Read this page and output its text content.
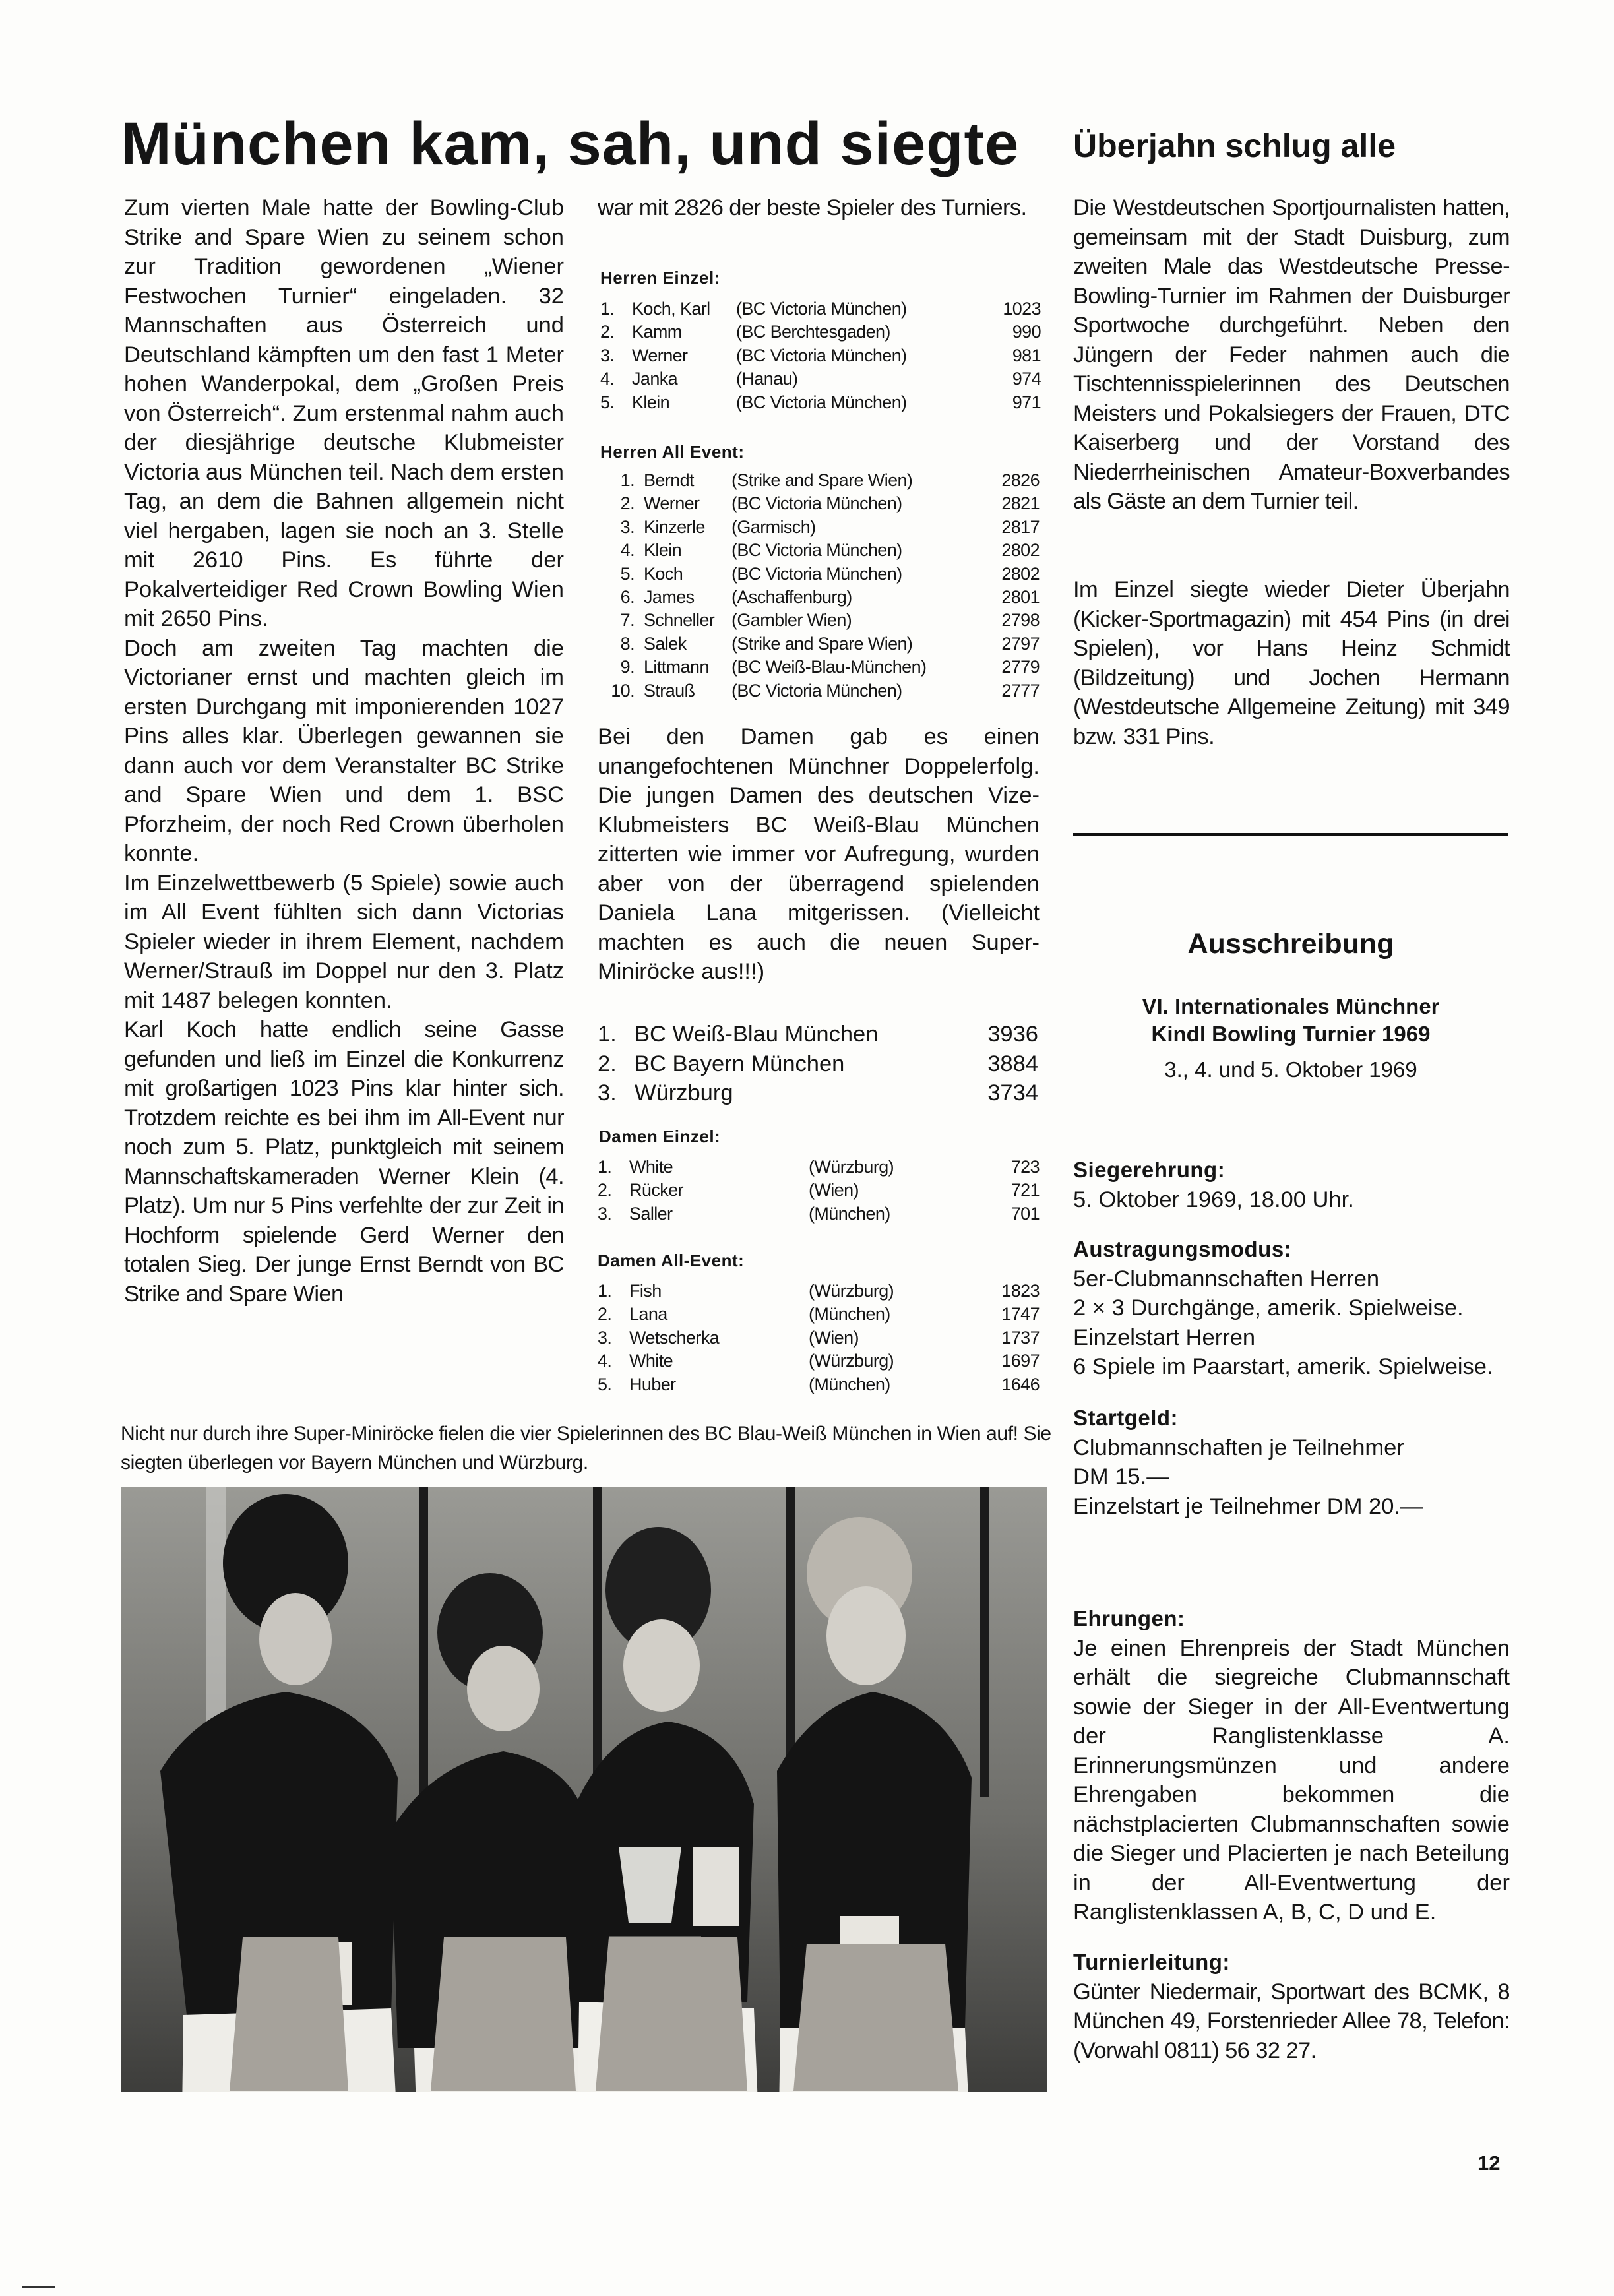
München kam, sah, und siegte Überjahn schlug alle

Zum vierten Male hatte der Bowling-Club Strike and Spare Wien zu seinem schon zur Tradition gewordenen „Wiener Festwochen Turnier“ eingeladen. 32 Mannschaften aus Österreich und Deutschland kämpften um den fast 1 Meter hohen Wanderpokal, dem „Großen Preis von Österreich“. Zum erstenmal nahm auch der diesjährige deutsche Klubmeister Victoria aus München teil. Nach dem ersten Tag, an dem die Bahnen allgemein nicht viel hergaben, lagen sie noch an 3. Stelle mit 2610 Pins. Es führte der Pokalverteidiger Red Crown Bowling Wien mit 2650 Pins.

Doch am zweiten Tag machten die Victorianer ernst und machten gleich im ersten Durchgang mit imponierenden 1027 Pins alles klar. Überlegen gewannen sie dann auch vor dem Veranstalter BC Strike and Spare Wien und dem 1. BSC Pforzheim, der noch Red Crown überholen konnte.

Im Einzelwettbewerb (5 Spiele) sowie auch im All Event fühlten sich dann Victorias Spieler wieder in ihrem Element, nachdem Werner/Strauß im Doppel nur den 3. Platz mit 1487 belegen konnten.

Karl Koch hatte endlich seine Gasse gefunden und ließ im Einzel die Konkurrenz mit großartigen 1023 Pins klar hinter sich. Trotzdem reichte es bei ihm im All-Event nur noch zum 5. Platz, punktgleich mit seinem Mannschaftskameraden Werner Klein (4. Platz). Um nur 5 Pins verfehlte der zur Zeit in Hochform spielende Gerd Werner den totalen Sieg. Der junge Ernst Berndt von BC Strike and Spare Wien

war mit 2826 der beste Spieler des Turniers.

Herren Einzel:
1. Koch, Karl	(BC Victoria München)	1023
2. Kamm	(BC Berchtesgaden)	990
3. Werner	(BC Victoria München)	981
4. Janka	(Hanau)	974
5. Klein	(BC Victoria München)	971
Herren All Event:
1. Berndt	(Strike and Spare Wien)	2826
2. Werner	(BC Victoria München)	2821
3. Kinzerle	(Garmisch)	2817
4. Klein	(BC Victoria München)	2802
5. Koch	(BC Victoria München)	2802
6. James	(Aschaffenburg)	2801
7. Schneller (Gambler Wien)	2798
8. Salek	(Strike and Spare Wien)	2797
9. Littmann	(BC Weiß-Blau-München)	2779
10. Strauß	(BC Victoria München)	2777

Bei den Damen gab es einen unangefochtenen Münchner Doppelerfolg. Die jungen Damen des deutschen Vize-Klubmeisters BC Weiß-Blau München zitterten wie immer vor Aufregung, wurden aber von der überragend spielenden Daniela Lana mitgerissen. (Vielleicht machten es auch die neuen Super-Miniröcke aus!!!)

1. BC Weiß-Blau München	3936
2. BC Bayern München	3884
3. Würzburg	3734
Damen Einzel:
1. White	(Würzburg)	723
2. Rücker	(Wien)	721
3. Saller	(München)	701
Damen All-Event:
1. Fish	(Würzburg)	1823
2. Lana	(München)	1747
3. Wetscherka	(Wien)	1737
4. White	(Würzburg)	1697
5. Huber	(München)	1646
Nicht nur durch ihre Super-Miniröcke fielen die vier Spielerinnen des BC Blau-Weiß München in Wien auf! Sie siegten überlegen vor Bayern München und Würzburg.

Die Westdeutschen Sportjournalisten hatten, gemeinsam mit der Stadt Duisburg, zum zweiten Male das Westdeutsche Presse-Bowling-Turnier im Rahmen der Duisburger Sportwoche durchgeführt. Neben den Jüngern der Feder nahmen auch die Tischtennisspielerinnen des Deutschen Meisters und Pokalsiegers der Frauen, DTC Kaiserberg und der Vorstand des Niederrheinischen Amateur-Boxverbandes als Gäste an dem Turnier teil.

Im Einzel siegte wieder Dieter Überjahn (Kicker-Sportmagazin) mit 454 Pins (in drei Spielen), vor Hans Heinz Schmidt (Bildzeitung) und Jochen Hermann (Westdeutsche Allgemeine Zeitung) mit 349 bzw. 331 Pins.

Ausschreibung
VI. Internationales Münchner
Kindl Bowling Turnier 1969
3., 4. und 5. Oktober 1969
Siegerehrung:

5. Oktober 1969, 18.00 Uhr.

Austragungsmodus:

5er-Clubmannschaften Herren

2 × 3 Durchgänge, amerik. Spielweise.

Einzelstart Herren

6 Spiele im Paarstart, amerik. Spielweise.

Startgeld:

Clubmannschaften je Teilnehmer

DM 15.—

Einzelstart je Teilnehmer DM 20.—

Ehrungen:

Je einen Ehrenpreis der Stadt München erhält die siegreiche Clubmannschaft sowie der Sieger in der All-Eventwertung der Ranglistenklasse A. Erinnerungsmünzen und andere Ehrengaben bekommen die nächstplacierten Clubmannschaften sowie die Sieger und Placierten je nach Beteilung in der All-Eventwertung der Ranglistenklassen A, B, C, D und E.

Turnierleitung:

Günter Niedermair, Sportwart des BCMK, 8 München 49, Forstenrieder Allee 78, Telefon: (Vorwahl 0811) 56 32 27.

12
